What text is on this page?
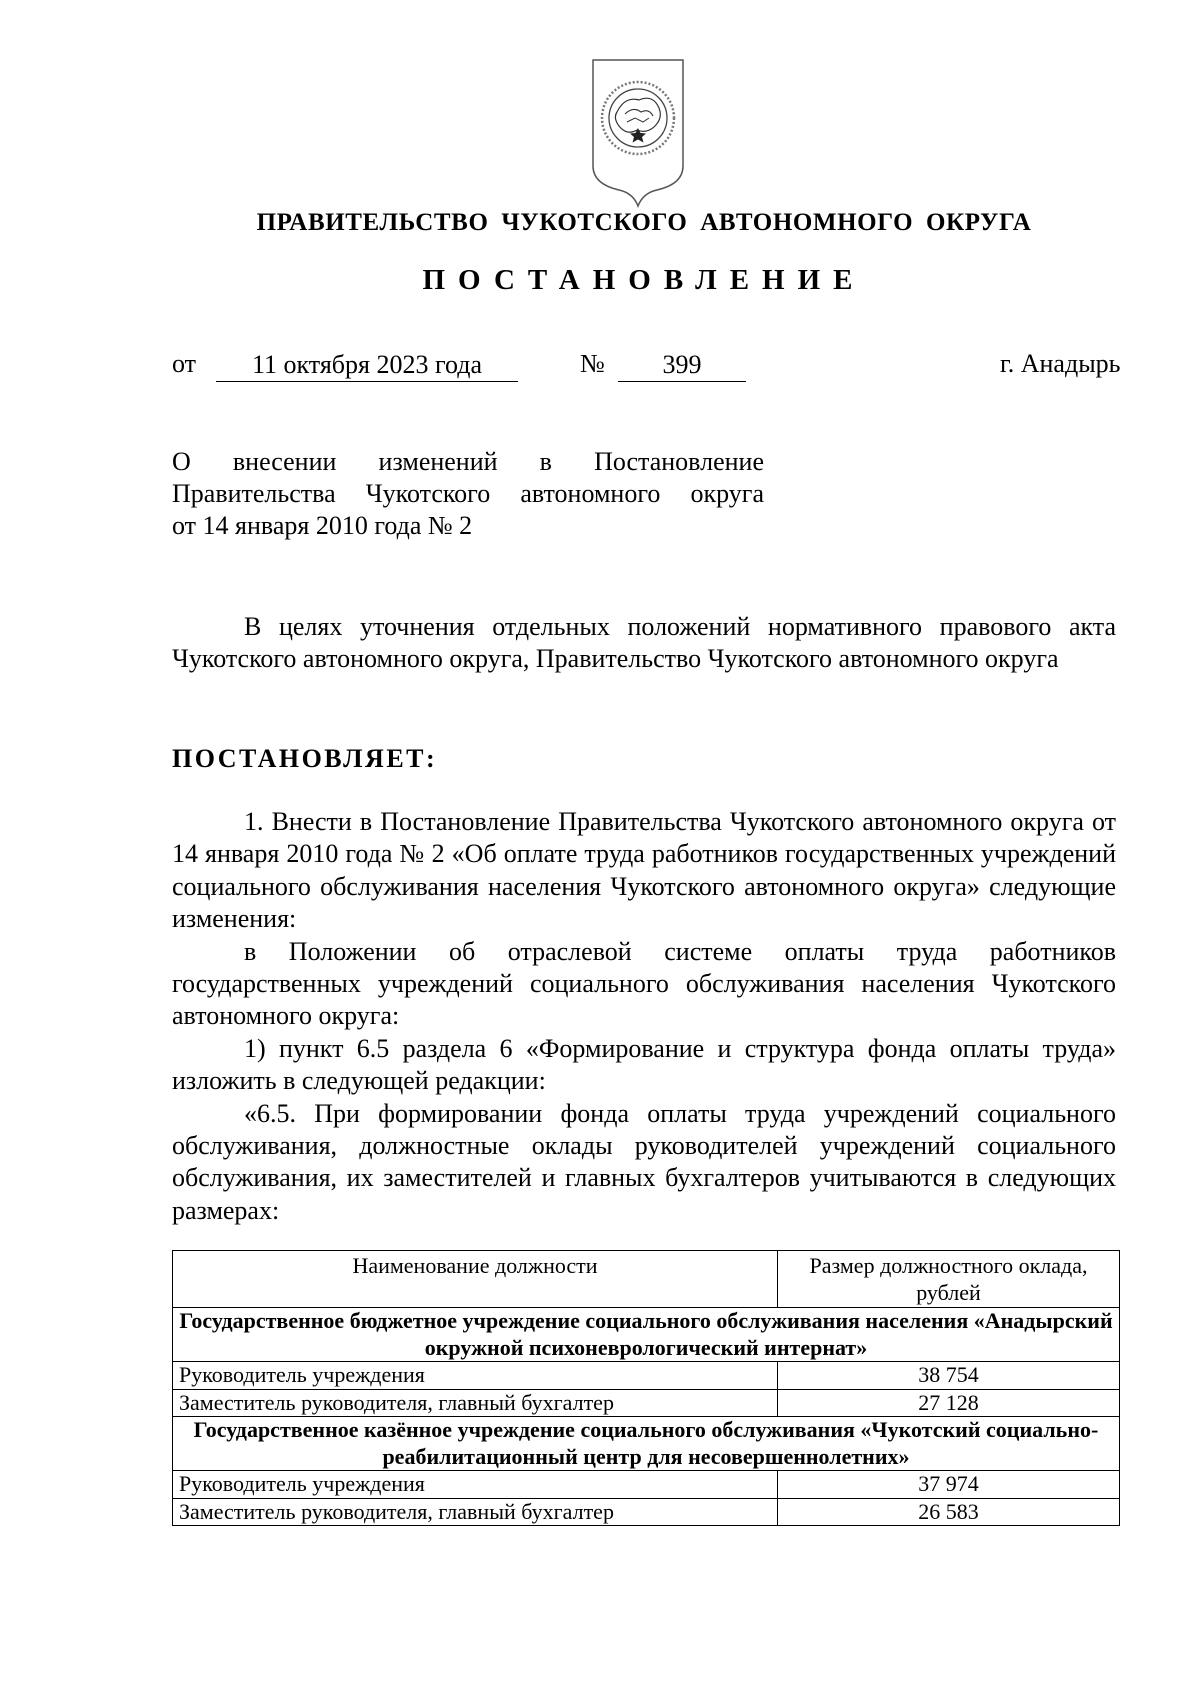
ПРАВИТЕЛЬСТВО ЧУКОТСКОГО АВТОНОМНОГО ОКРУГА
ПОСТАНОВЛЕНИЕ
от	11 октября 2023 года	№	399	г. Анадырь
О внесении изменений в Постановление
Правительства Чукотского автономного округа
от 14 января 2010 года № 2

В целях уточнения отдельных положений нормативного правового акта Чукотского автономного округа, Правительство Чукотского автономного округа

ПОСТАНОВЛЯЕТ:

1. Внести в Постановление Правительства Чукотского автономного округа от 14 января 2010 года № 2 «Об оплате труда работников государственных учреждений социального обслуживания населения Чукотского автономного округа» следующие изменения:

в Положении об отраслевой системе оплаты труда работников государственных учреждений социального обслуживания населения Чукотского автономного округа:

1) пункт 6.5 раздела 6 «Формирование и структура фонда оплаты труда» изложить в следующей редакции:

«6.5. При формировании фонда оплаты труда учреждений социального обслуживания, должностные оклады руководителей учреждений социального обслуживания, их заместителей и главных бухгалтеров учитываются в следующих размерах:

Наименование должности	Размер должностного оклада, рублей
Государственное бюджетное учреждение социального обслуживания населения «Анадырский окружной психоневрологический интернат»	
Руководитель учреждения	38 754
Заместитель руководителя, главный бухгалтер	27 128
Государственное казённое учреждение социального обслуживания «Чукотский социально-реабилитационный центр для несовершеннолетних»	
Руководитель учреждения	37 974
Заместитель руководителя, главный бухгалтер	26 583
